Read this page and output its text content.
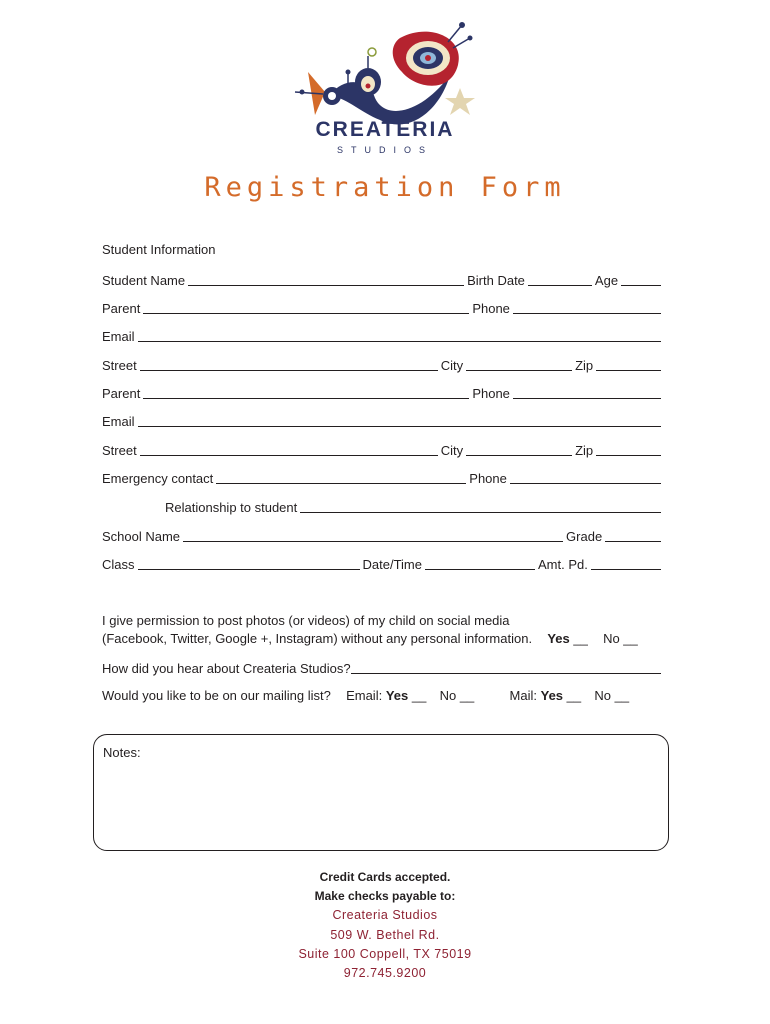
CREATERIA
STUDIOS
Registration Form
Student Information
Student Name	Birth Date	Age
Parent	Phone
Email
Street	City	Zip
Parent	Phone
Email
Street	City	Zip
Emergency contact	Phone
Relationship to student
School Name	Grade
Class	Date/Time	Amt. Pd.
I give permission to post photos (or videos) of my child on social media
(Facebook, Twitter, Google +, Instagram) without any personal information. Yes __ No __
How did you hear about Createria Studios?
Would you like to be on our mailing list? Email: Yes __ No __	Mail: Yes __ No __
Notes:
Credit Cards accepted.
Make checks payable to:
Createria Studios
509 W. Bethel Rd.
Suite 100 Coppell, TX 75019
972.745.9200
